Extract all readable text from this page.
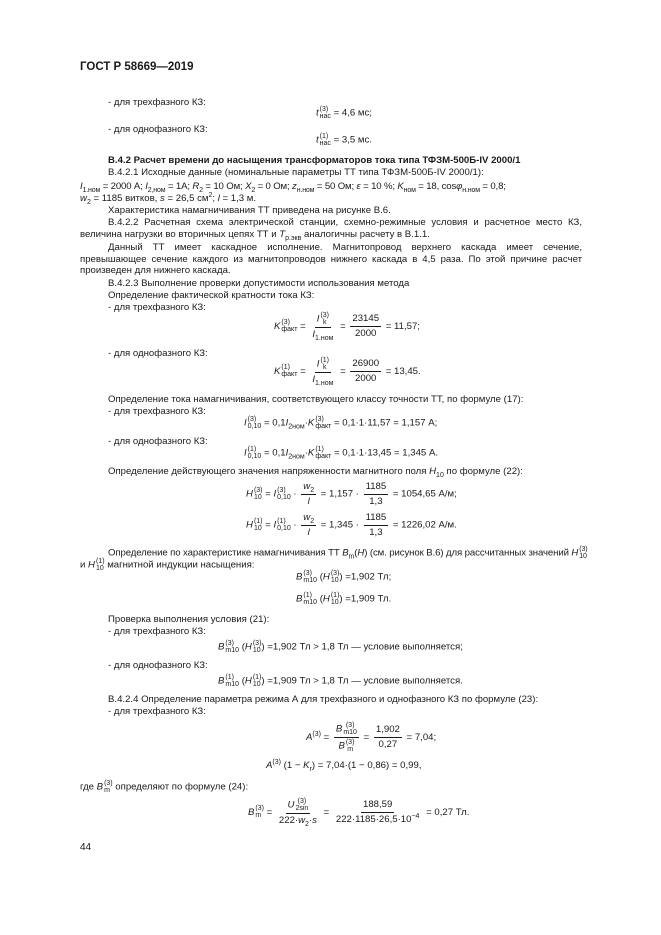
ГОСТ Р 58669—2019
- для трехфазного КЗ:
t (3)
нас = 4,6 мс;
- для однофазного КЗ:
t (1)
нас = 3,5 мс.
В.4.2 Расчет времени до насыщения трансформаторов тока типа ТФЗМ-500Б-IV 2000/1
В.4.2.1 Исходные данные (номинальные параметры ТТ типа ТФЗМ-500Б-IV 2000/1):
$I_{1.ном} = 2000$ А; $I_{2,ном} = 1А$; $R_2 = 10$ Ом; $X_2 = 0$ Ом; $z_{н.ном} = 50$ Ом; ε = 10 %; $K_{ном} = 18$, cosφ$_{н.ном}$ = 0,8;
$w_2 = 1185$ витков, s = 26,5 $см^2$; l = 1,3 м.
Характеристика намагничивания ТТ приведена на рисунке В.6.

В.4.2.2 Расчетная схема электрической станции, схемно-режимные условия и расчетное место КЗ, величина нагрузки во вторичных цепях ТТ и $T_{р.экв}$ аналогичны расчету в В.1.1.

Данный ТТ имеет каскадное исполнение. Магнитопровод верхнего каскада имеет сечение, превышающее сечение каждого из магнитопроводов нижнего каскада в 4,5 раза. По этой причине расчет произведен для нижнего каскада.

В.4.2.3 Выполнение проверки допустимости использования метода
Определение фактической кратности тока КЗ:
- для трехфазного КЗ:
K (3)
факт = I (3)
k
$I_{1.ном} = \frac{23145}{2000} = 11,57$;
- для однофазного КЗ:
K (1)
факт = I (1)
k
$I_{1.ном} = \frac{26900}{2000} = 13,45$.
Определение тока намагничивания, соответствующего классу точности ТТ, по формуле (17):
- для трехфазного КЗ:
I (3)
$0,10 = 0,1I_{2ном}\cdot K$ (3)
факт = 0,1·1·11,57 = 1,157 А;
- для однофазного КЗ:
I (1)
$0,10 = 0,1I_{2ном}\cdot K$ (1)
факт = 0,1·1·13,45 = 1,345 А.
Определение действующего значения напряженности магнитного поля $H_{10}$ по формуле (22):
H (3)
10 = I (3)
$0,10 \cdot \frac{w_2}{l} = 1,157 \cdot \frac{1185}{1,3} = 1054,65$ А/м;
H (1)
10 = I (1)
$0,10 \cdot \frac{w_2}{l} = 1,345 \cdot \frac{1185}{1,3} = 1226,02$ А/м.
Определение по характеристике намагничивания ТТ $B_m(H)$ (см. рисунок В.6) для рассчитанных значений H (3)
10
и H (1)
10 магнитной индукции насыщения:
B (3)
m10 (H (3)
10 ) =1,902 Тл;
B (1)
m10 (H (1)
10 ) =1,909 Тл.
Проверка выполнения условия (21):
- для трехфазного КЗ:
B (3)
m10 (H (3)
10 ) =1,902 Тл > 1,8 Тл — условие выполняется;
- для однофазного КЗ:
B (1)
m10 (H (1)
10 ) =1,909 Тл > 1,8 Тл — условие выполняется.
В.4.2.4 Определение параметра режима А для трехфазного и однофазного КЗ по формуле (23):
- для трехфазного КЗ:
$A^{(3)} = B$ (3)
m10
B (3)
$m = \frac{1,902}{0,27} = 7,04$;
$A^{(3)}$ $(1 - K_r) = 7,04\cdot(1 - 0,86) = 0,99$,
где B (3)
m определяют по формуле (24):
B (3)
m = U (3)
2sin
$222\cdot w_2\cdot s = \frac{188,59}{222\cdot 1185\cdot 26,5\cdot 10^{-4}} = 0,27$ Тл.
44
